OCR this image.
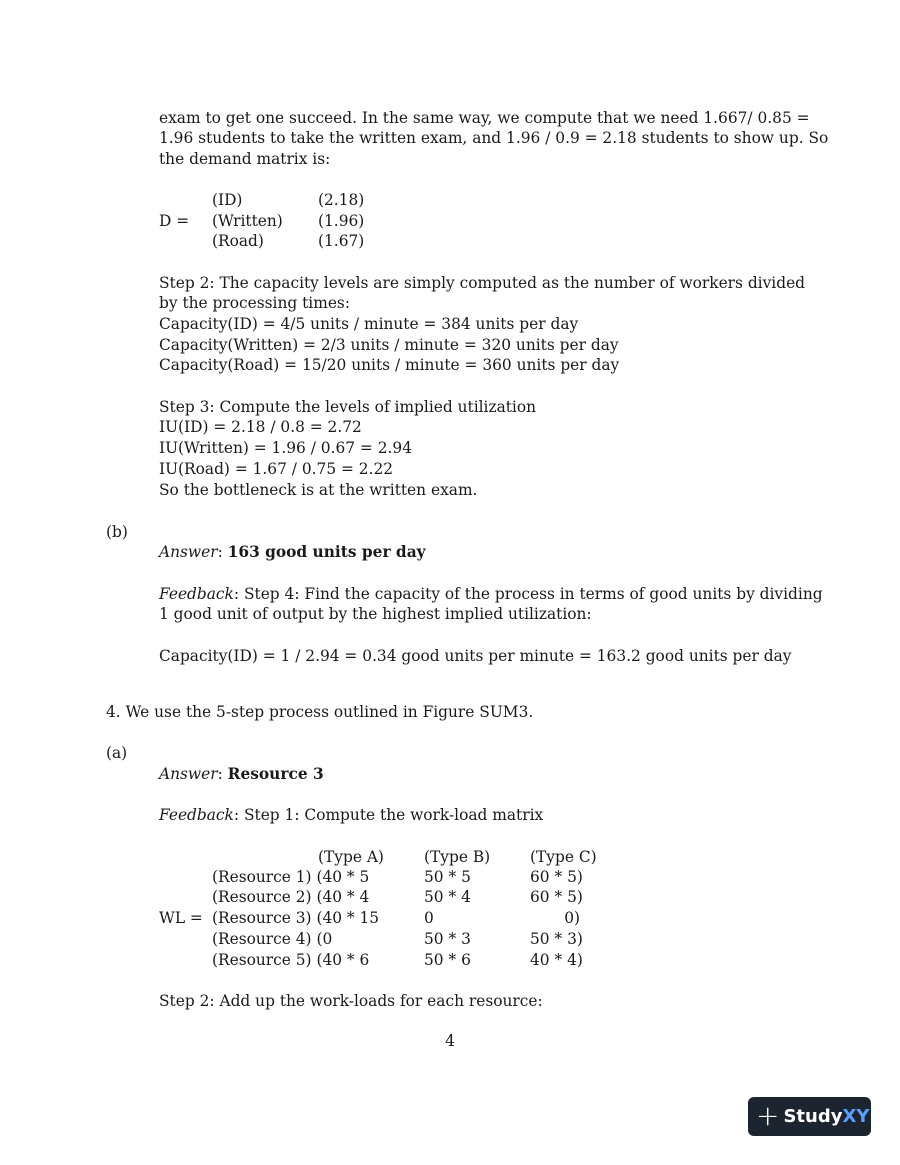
exam to get one succeed. In the same way, we compute that we need 1.667/ 0.85 =
1.96 students to take the written exam, and 1.96 / 0.9 = 2.18 students to show up. So
the demand matrix is:
D =
(ID)	(2.18)
(Written) (1.96)
(Road)	(1.67)
Step 2: The capacity levels are simply computed as the number of workers divided
by the processing times:
Capacity(ID) = 4/5 units / minute = 384 units per day
Capacity(Written) = 2/3 units / minute = 320 units per day
Capacity(Road) = 15/20 units / minute = 360 units per day
Step 3: Compute the levels of implied utilization
IU(ID) = 2.18 / 0.8 = 2.72
IU(Written) = 1.96 / 0.67 = 2.94
IU(Road) = 1.67 / 0.75 = 2.22
So the bottleneck is at the written exam.
(b)
Answer: 163 good units per day
Feedback: Step 4: Find the capacity of the process in terms of good units by dividing
1 good unit of output by the highest implied utilization:
Capacity(ID) = 1 / 2.94 = 0.34 good units per minute = 163.2 good units per day
4. We use the 5-step process outlined in Figure SUM3.
(a)
Answer: Resource 3
Feedback: Step 1: Compute the work-load matrix
(Type A)	(Type B)	(Type C)
WL =
(Resource 1) (40 * 5	50 * 5	60 * 5)
(Resource 2) (40 * 4	50 * 4	60 * 5)
(Resource 3) (40 * 15	0	0)
(Resource 4) (0	50 * 3	50 * 3)
(Resource 5) (40 * 6	50 * 6	40 * 4)
Step 2: Add up the work-loads for each resource:
4
+ Study XY
